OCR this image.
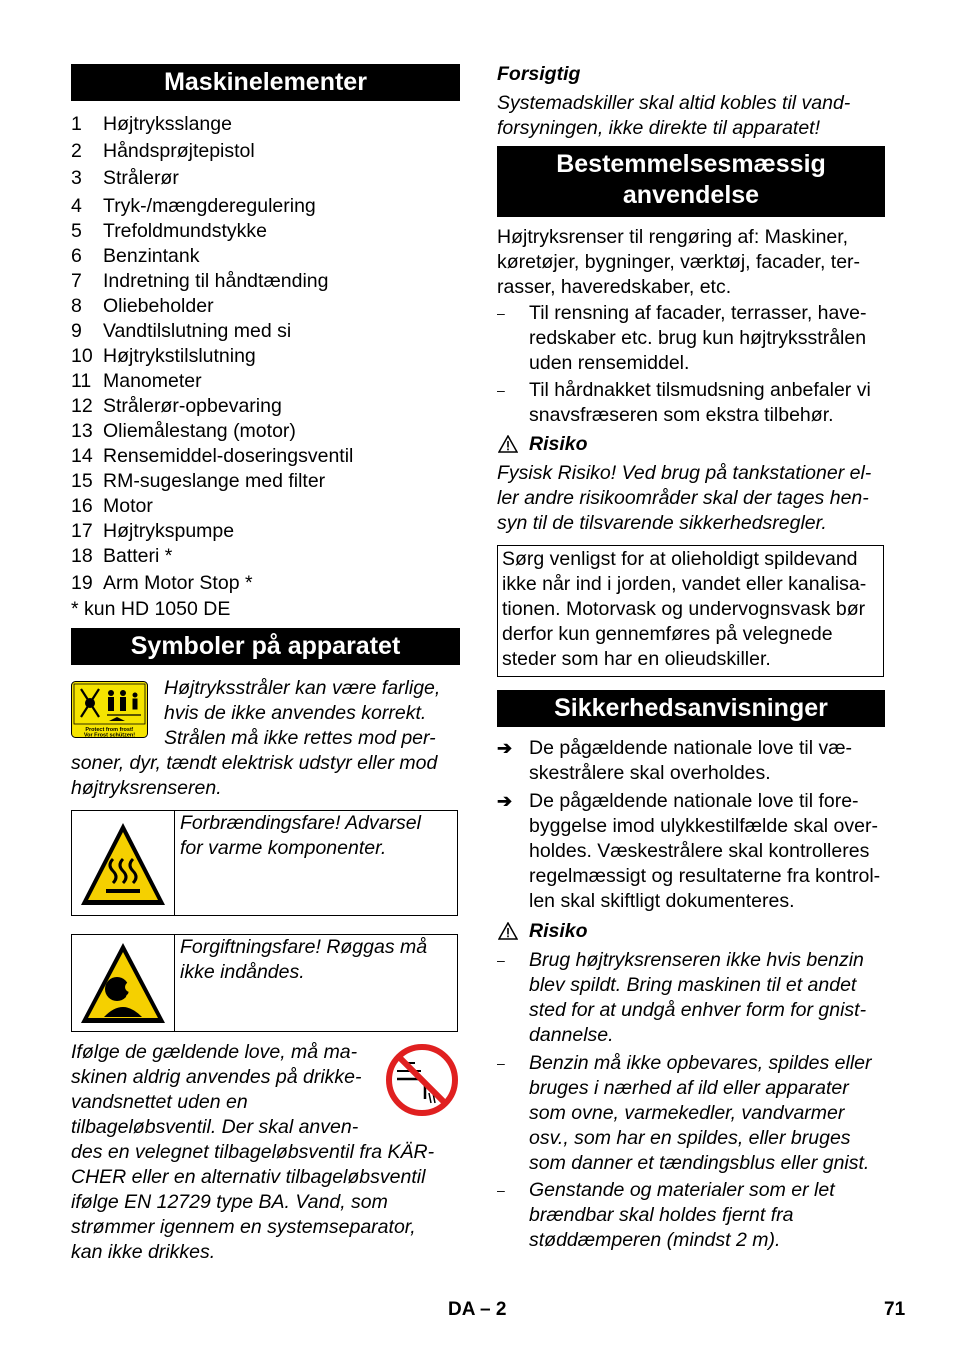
Maskinelementer
1 Højtryksslange
2 Håndsprøjtepistol
3 Strålerør
4 Tryk-/mængderegulering
5 Trefoldmundstykke
6 Benzintank
7 Indretning til håndtænding
8 Oliebeholder
9 Vandtilslutning med si
10 Højtrykstilslutning
11 Manometer
12 Strålerør-opbevaring
13 Oliemålestang (motor)
14 Rensemiddel-doseringsventil
15 RM-sugeslange med filter
16 Motor
17 Højtrykspumpe
18 Batteri *
19 Arm Motor Stop *
* kun HD 1050 DE
Symboler på apparatet
Protect from frost!
Vor Frost schützen!
Højtryksstråler kan være farlige,
hvis de ikke anvendes korrekt.
Strålen må ikke rettes mod per-
soner, dyr, tændt elektrisk udstyr eller mod
højtryksrenseren.
Forbrændingsfare! Advarsel
for varme komponenter.
Forgiftningsfare! Røggas må
ikke indåndes.
Ifølge de gældende love, må ma-
skinen aldrig anvendes på drikke-
vandsnettet uden en
tilbageløbsventil. Der skal anven-
des en velegnet tilbageløbsventil fra KÄR-
CHER eller en alternativ tilbageløbsventil
ifølge EN 12729 type BA. Vand, som
strømmer igennem en systemseparator,
kan ikke drikkes.
Forsigtig
Systemadskiller skal altid kobles til vand-
forsyningen, ikke direkte til apparatet!
Bestemmelsesmæssig
anvendelse
Højtryksrenser til rengøring af: Maskiner,
køretøjer, bygninger, værktøj, facader, ter-
rasser, haveredskaber, etc.
–	Til rensning af facader, terrasser, have-
redskaber etc. brug kun højtryksstrålen
uden rensemiddel.
–	Til hårdnakket tilsmudsning anbefaler vi
snavsfræseren som ekstra tilbehør.
Risiko
Fysisk Risiko! Ved brug på tankstationer el-
ler andre risikoområder skal der tages hen-
syn til de tilsvarende sikkerhedsregler.
Sørg venligst for at olieholdigt spildevand
ikke når ind i jorden, vandet eller kanalisa-
tionen. Motorvask og undervognsvask bør
derfor kun gennemføres på velegnede
steder som har en olieudskiller.
Sikkerhedsanvisninger
➔ De pågældende nationale love til væ-
skestrålere skal overholdes.
➔ De pågældende nationale love til fore-
byggelse imod ulykkestilfælde skal over-
holdes. Væskestrålere skal kontrolleres
regelmæssigt og resultaterne fra kontrol-
len skal skiftligt dokumenteres.
Risiko
–	Brug højtryksrenseren ikke hvis benzin
blev spildt. Bring maskinen til et andet
sted for at undgå enhver form for gnist-
dannelse.
–	Benzin må ikke opbevares, spildes eller
bruges i nærhed af ild eller apparater
som ovne, varmekedler, vandvarmer
osv., som har en spildes, eller bruges
som danner et tændingsblus eller gnist.
–	Genstande og materialer som er let
brændbar skal holdes fjernt fra støddæmperen (mindst 2 m).
DA – 2	71
